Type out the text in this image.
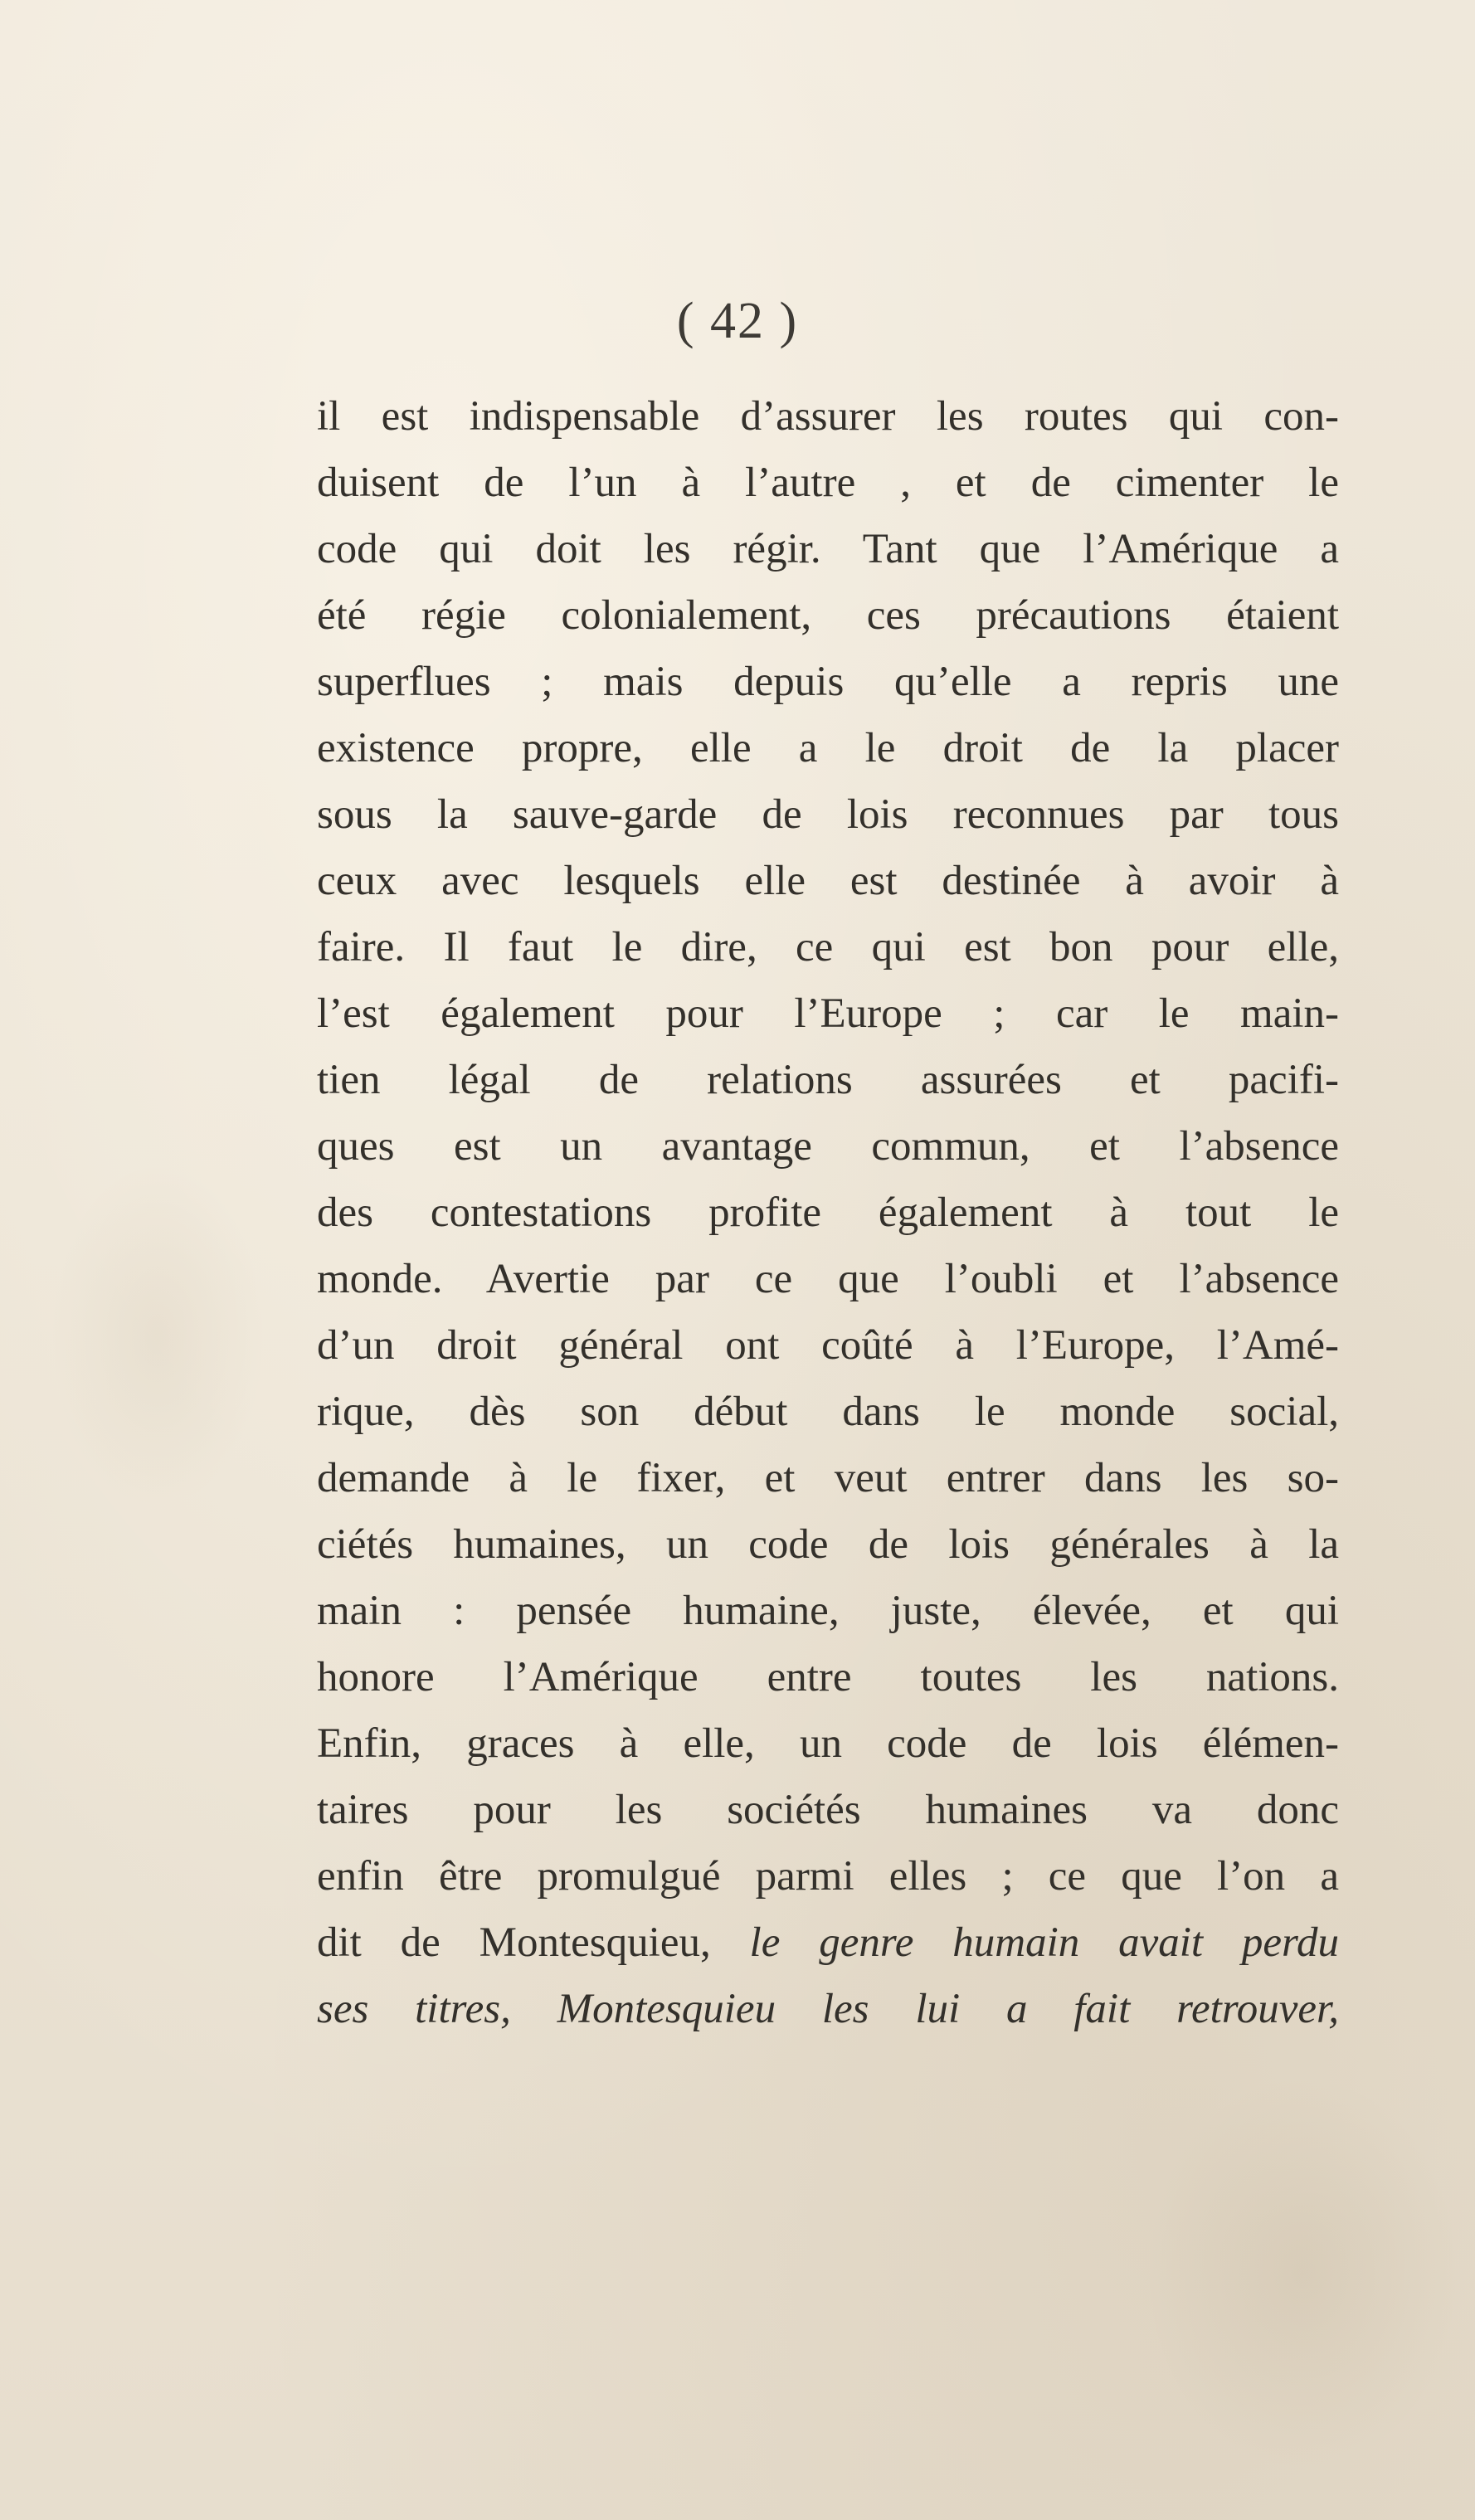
( 42 )
il est indispensable d’assurer les routes qui con-
duisent de l’un à l’autre , et de cimenter le
code qui doit les régir. Tant que l’Amérique a
été régie colonialement, ces précautions étaient
superflues ; mais depuis qu’elle a repris une
existence propre, elle a le droit de la placer
sous la sauve-garde de lois reconnues par tous
ceux avec lesquels elle est destinée à avoir à
faire. Il faut le dire, ce qui est bon pour elle,
l’est également pour l’Europe ; car le main-
tien légal de relations assurées et pacifi-
ques est un avantage commun, et l’absence
des contestations profite également à tout le
monde. Avertie par ce que l’oubli et l’absence
d’un droit général ont coûté à l’Europe, l’Amé-
rique, dès son début dans le monde social,
demande à le fixer, et veut entrer dans les so-
ciétés humaines, un code de lois générales à la
main : pensée humaine, juste, élevée, et qui
honore l’Amérique entre toutes les nations.
Enfin, graces à elle, un code de lois élémen-
taires pour les sociétés humaines va donc
enfin être promulgué parmi elles ; ce que l’on a
dit de Montesquieu, le genre humain avait perdu
ses titres, Montesquieu les lui a fait retrouver,
